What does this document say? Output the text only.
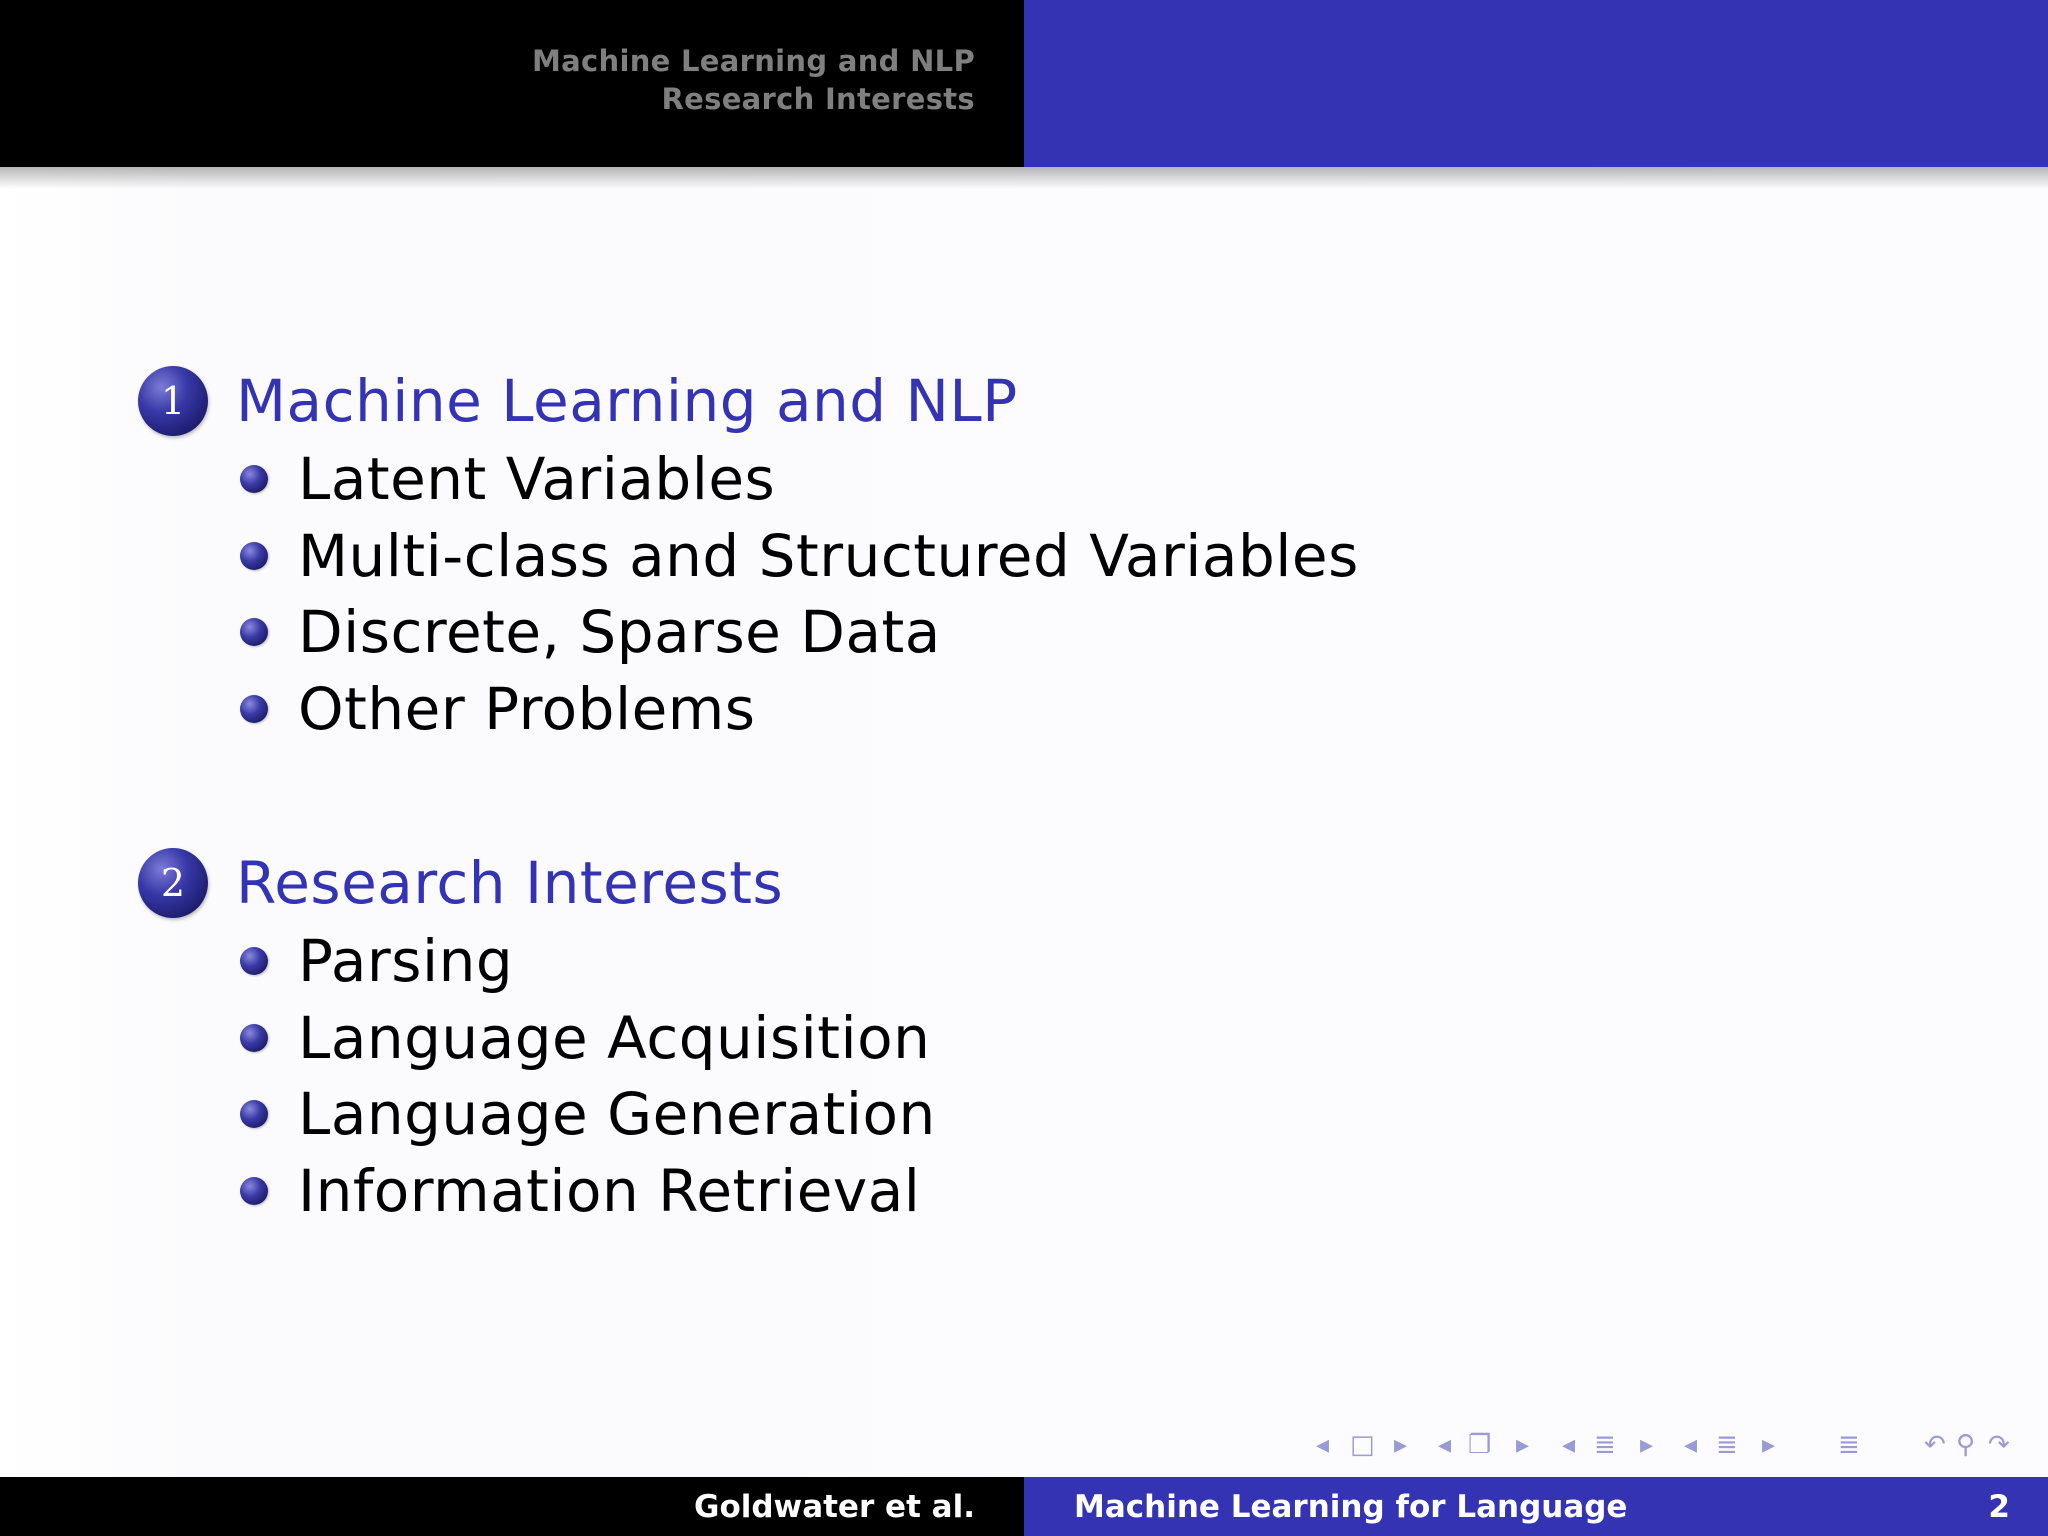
Machine Learning and NLP
Research Interests
1 Machine Learning and NLP
Latent Variables
Multi-class and Structured Variables
Discrete, Sparse Data
Other Problems
2 Research Interests
Parsing
Language Acquisition
Language Generation
Information Retrieval
◂ □ ▸ ◂ ❐ ▸ ◂ ≣ ▸ ◂ ≣ ▸ ≣ ↶ ⚲ ↷
Goldwater et al.	Machine Learning for Language	2
